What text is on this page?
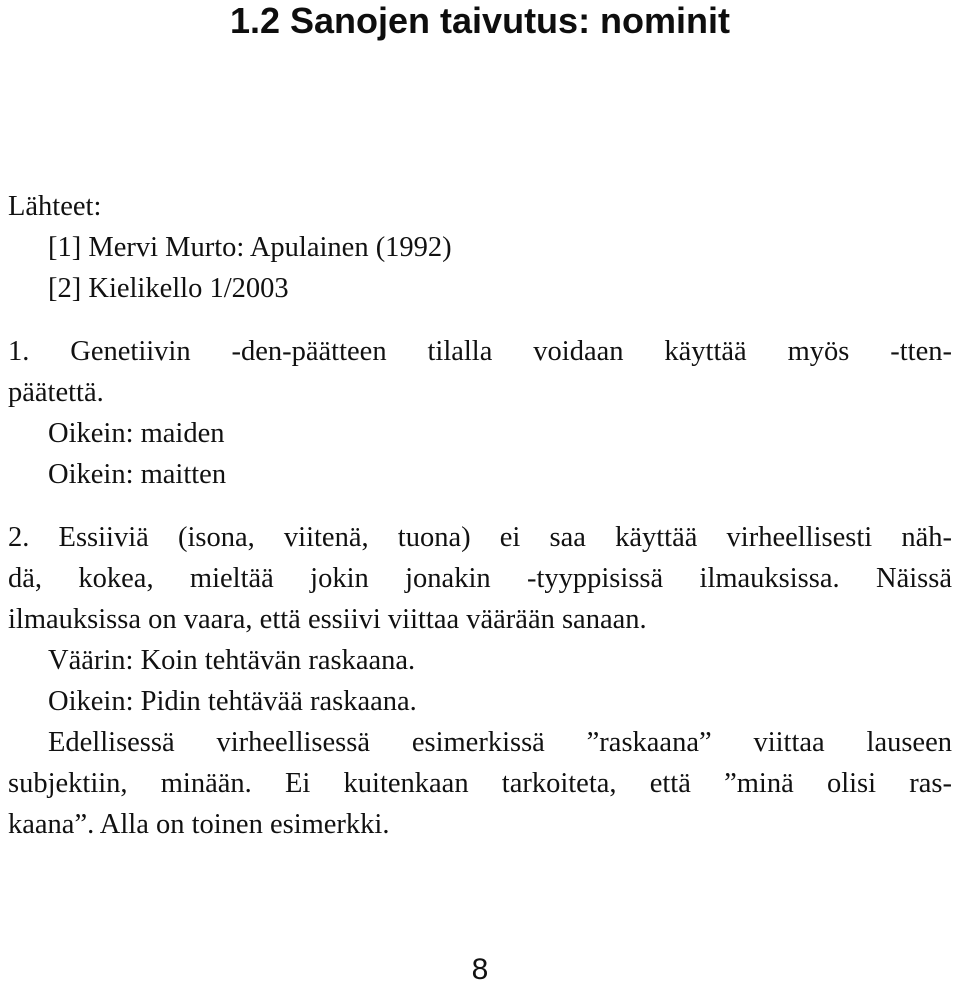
1.2 Sanojen taivutus: nominit
Lähteet:
[1] Mervi Murto: Apulainen (1992)
[2] Kielikello 1/2003
1. Genetiivin -den-päätteen tilalla voidaan käyttää myös -tten-
päätettä.
Oikein: maiden
Oikein: maitten
2. Essiiviä (isona, viitenä, tuona) ei saa käyttää virheellisesti näh-
dä, kokea, mieltää jokin jonakin -tyyppisissä ilmauksissa. Näissä
ilmauksissa on vaara, että essiivi viittaa väärään sanaan.
Väärin: Koin tehtävän raskaana.
Oikein: Pidin tehtävää raskaana.
Edellisessä virheellisessä esimerkissä ”raskaana” viittaa lauseen
subjektiin, minään. Ei kuitenkaan tarkoiteta, että ”minä olisi ras-
kaana”. Alla on toinen esimerkki.
8
